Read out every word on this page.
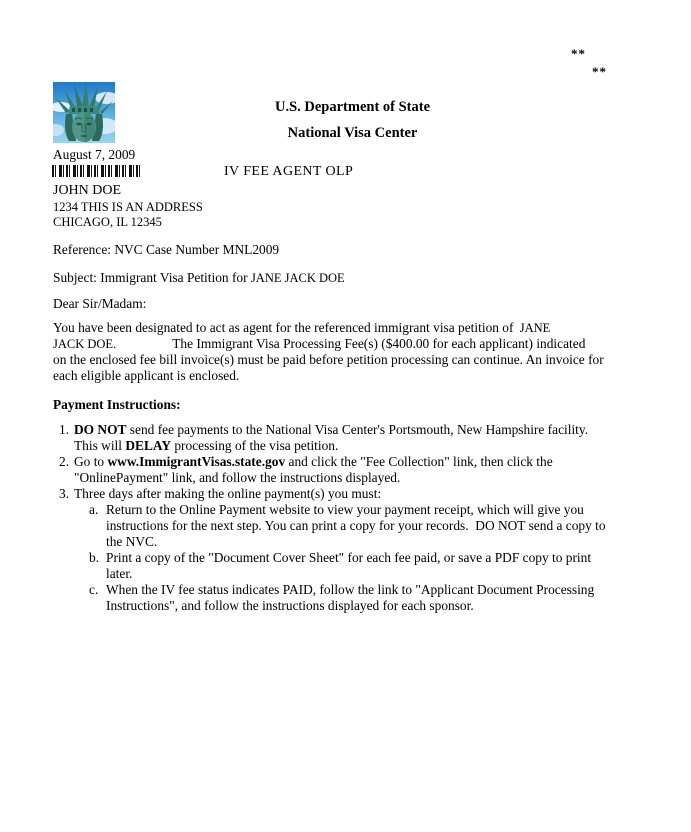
**
**
U.S. Department of State
National Visa Center
August 7, 2009
IV FEE AGENT OLP
JOHN DOE
1234 THIS IS AN ADDRESS
CHICAGO, IL 12345
Reference: NVC Case Number MNL2009
Subject: Immigrant Visa Petition for JANE JACK DOE
Dear Sir/Madam:
You have been designated to act as agent for the referenced immigrant visa petition of  JANE
JACK DOE.	The Immigrant Visa Processing Fee(s) ($400.00 for each applicant) indicated
on the enclosed fee bill invoice(s) must be paid before petition processing can continue. An invoice for
each eligible applicant is enclosed.
Payment Instructions:
1. DO NOT send fee payments to the National Visa Center's Portsmouth, New Hampshire facility.
This will DELAY processing of the visa petition.
2. Go to www.ImmigrantVisas.state.gov and click the "Fee Collection" link, then click the
"OnlinePayment" link, and follow the instructions displayed.
3. Three days after making the online payment(s) you must:
a. Return to the Online Payment website to view your payment receipt, which will give you
instructions for the next step. You can print a copy for your records.  DO NOT send a copy to
the NVC.
b. Print a copy of the "Document Cover Sheet" for each fee paid, or save a PDF copy to print
later.
c. When the IV fee status indicates PAID, follow the link to "Applicant Document Processing
Instructions", and follow the instructions displayed for each sponsor.
